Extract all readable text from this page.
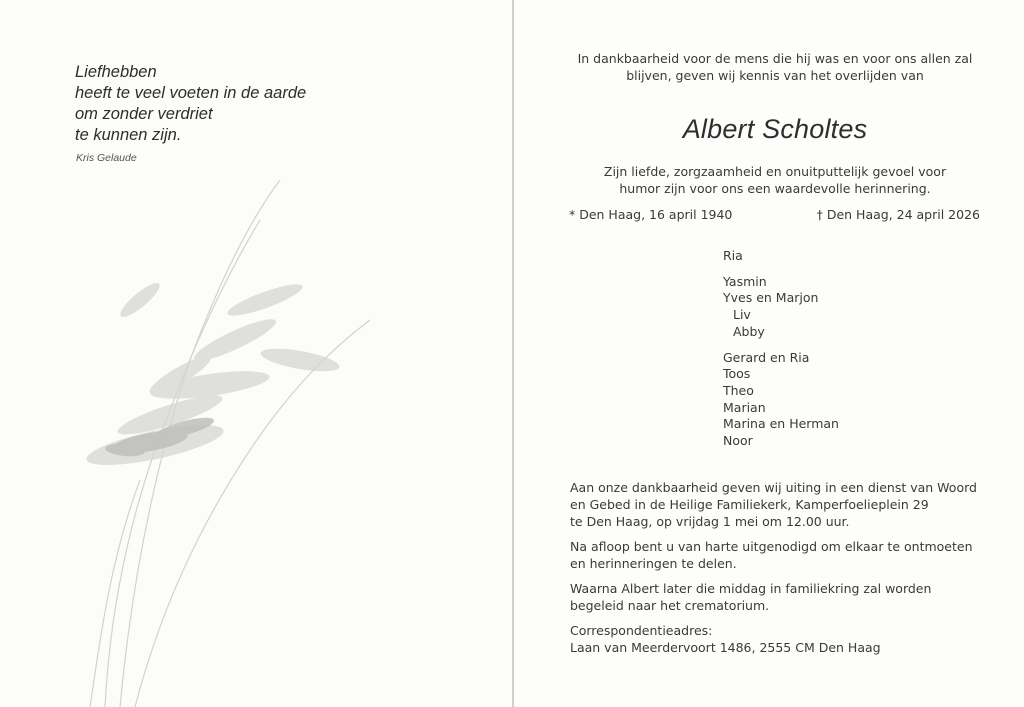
Liefhebben
heeft te veel voeten in de aarde
om zonder verdriet
te kunnen zijn.
Kris Gelaude
In dankbaarheid voor de mens die hij was en voor ons allen zal
blijven, geven wij kennis van het overlijden van
Albert Scholtes
Zijn liefde, zorgzaamheid en onuitputtelijk gevoel voor
humor zijn voor ons een waardevolle herinnering.
* Den Haag, 16 april 1940	† Den Haag, 24 april 2026
Ria
Yasmin
Yves en Marjon
Liv
Abby
Gerard en Ria
Toos
Theo
Marian
Marina en Herman
Noor

Aan onze dankbaarheid geven wij uiting in een dienst van Woord
en Gebed in de Heilige Familiekerk, Kamperfoelieplein 29
te Den Haag, op vrijdag 1 mei om 12.00 uur.

Na afloop bent u van harte uitgenodigd om elkaar te ontmoeten
en herinneringen te delen.

Waarna Albert later die middag in familiekring zal worden
begeleid naar het crematorium.

Correspondentieadres:
Laan van Meerdervoort 1486, 2555 CM Den Haag
